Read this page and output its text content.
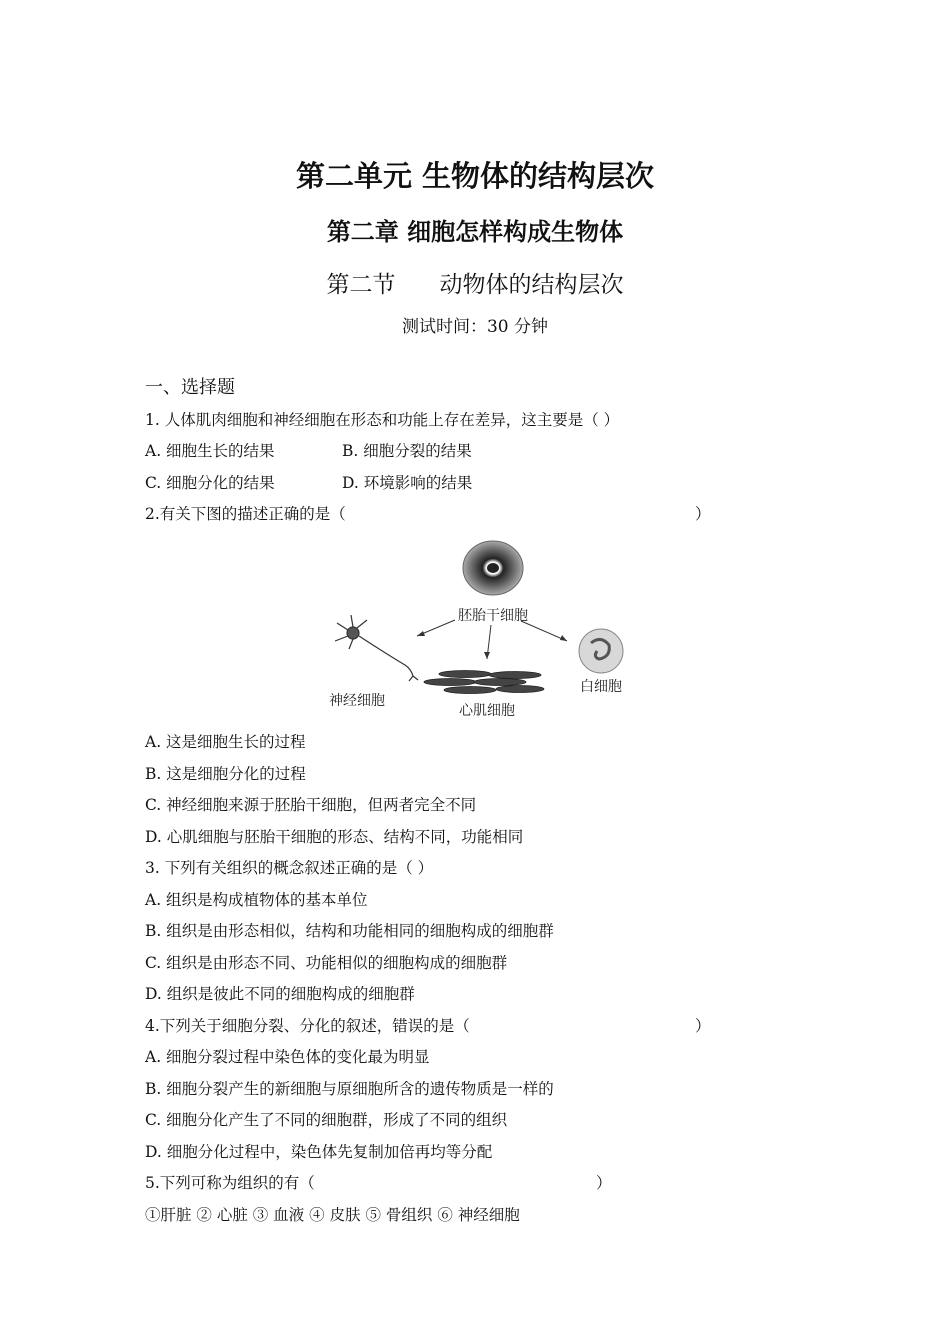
第二单元 生物体的结构层次
第二章 细胞怎样构成生物体
第二节 动物体的结构层次
测试时间：30 分钟
一、选择题
1. 人体肌肉细胞和神经细胞在形态和功能上存在差异，这主要是（ ）
A. 细胞生长的结果	B. 细胞分裂的结果
C. 细胞分化的结果	D. 环境影响的结果
2.有关下图的描述正确的是（	）
胚胎干细胞
神经细胞
心肌细胞
白细胞
A. 这是细胞生长的过程
B. 这是细胞分化的过程
C. 神经细胞来源于胚胎干细胞，但两者完全不同
D. 心肌细胞与胚胎干细胞的形态、结构不同，功能相同
3. 下列有关组织的概念叙述正确的是（ ）
A. 组织是构成植物体的基本单位
B. 组织是由形态相似，结构和功能相同的细胞构成的细胞群
C. 组织是由形态不同、功能相似的细胞构成的细胞群
D. 组织是彼此不同的细胞构成的细胞群
4.下列关于细胞分裂、分化的叙述，错误的是（	）
A. 细胞分裂过程中染色体的变化最为明显
B. 细胞分裂产生的新细胞与原细胞所含的遗传物质是一样的
C. 细胞分化产生了不同的细胞群，形成了不同的组织
D. 细胞分化过程中，染色体先复制加倍再均等分配
5.下列可称为组织的有（	）
①肝脏 ② 心脏 ③ 血液 ④ 皮肤 ⑤ 骨组织 ⑥ 神经细胞
